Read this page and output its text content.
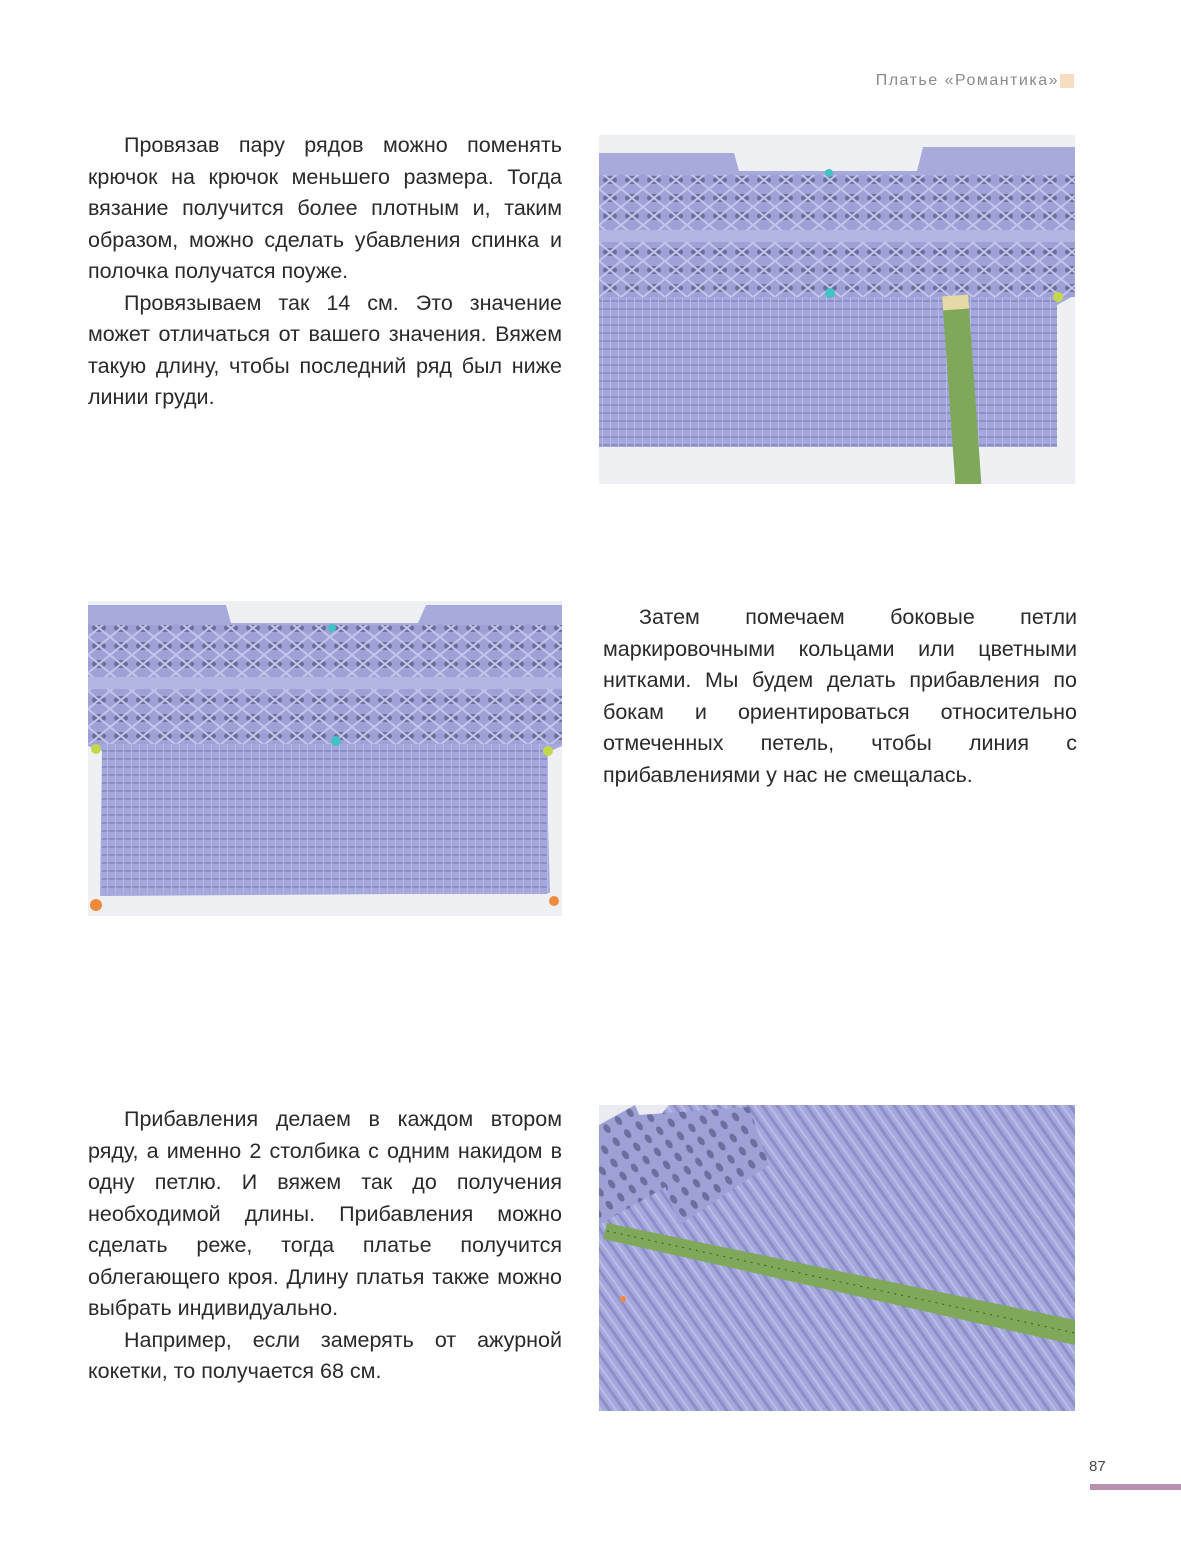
Платье «Романтика»

Провязав пару рядов можно поменять крючок на крючок меньшего размера. Тогда вязание получится более плотным и, таким образом, можно сделать убавления спинка и полочка получатся поуже.

Провязываем так 14 см. Это значение может отличаться от вашего значения. Вяжем такую длину, чтобы последний ряд был ниже линии груди.

Затем помечаем боковые петли маркировочными кольцами или цветными нитками. Мы будем делать прибавления по бокам и ориентироваться относительно отмеченных петель, чтобы линия с прибавлениями у нас не смещалась.

Прибавления делаем в каждом втором ряду, а именно 2 столбика с одним накидом в одну петлю. И вяжем так до получения необходимой длины. Прибавления можно сделать реже, тогда платье получится облегающего кроя. Длину платья также можно выбрать индивидуально.

Например, если замерять от ажурной кокетки, то получается 68 см.

87
